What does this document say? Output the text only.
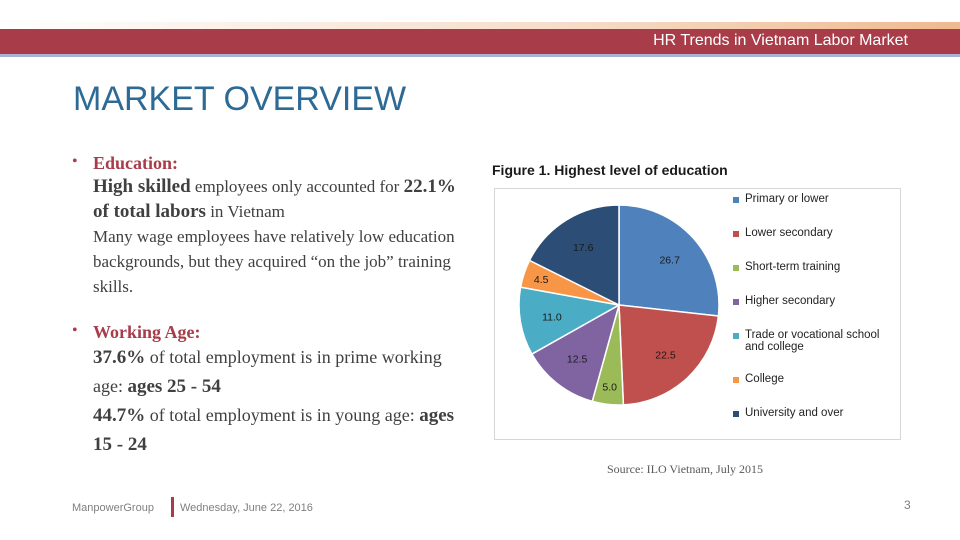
HR Trends in Vietnam Labor Market
MARKET OVERVIEW
• Education:
High skilled employees only accounted for 22.1% of total labors in Vietnam
Many wage employees have relatively low education backgrounds, but they acquired “on the job” training skills.
• Working Age:
37.6% of total employment is in prime working age: ages 25 - 54
44.7% of total employment is in young age: ages 15 - 24
Figure 1. Highest level of education
26.7
22.5
5.0
12.5
11.0
4.5
17.6
Primary or lower
Lower secondary
Short-term training
Higher secondary
Trade or vocational school and college
College
University and over
Source: ILO Vietnam, July 2015
ManpowerGroup Wednesday, June 22, 2016	3
